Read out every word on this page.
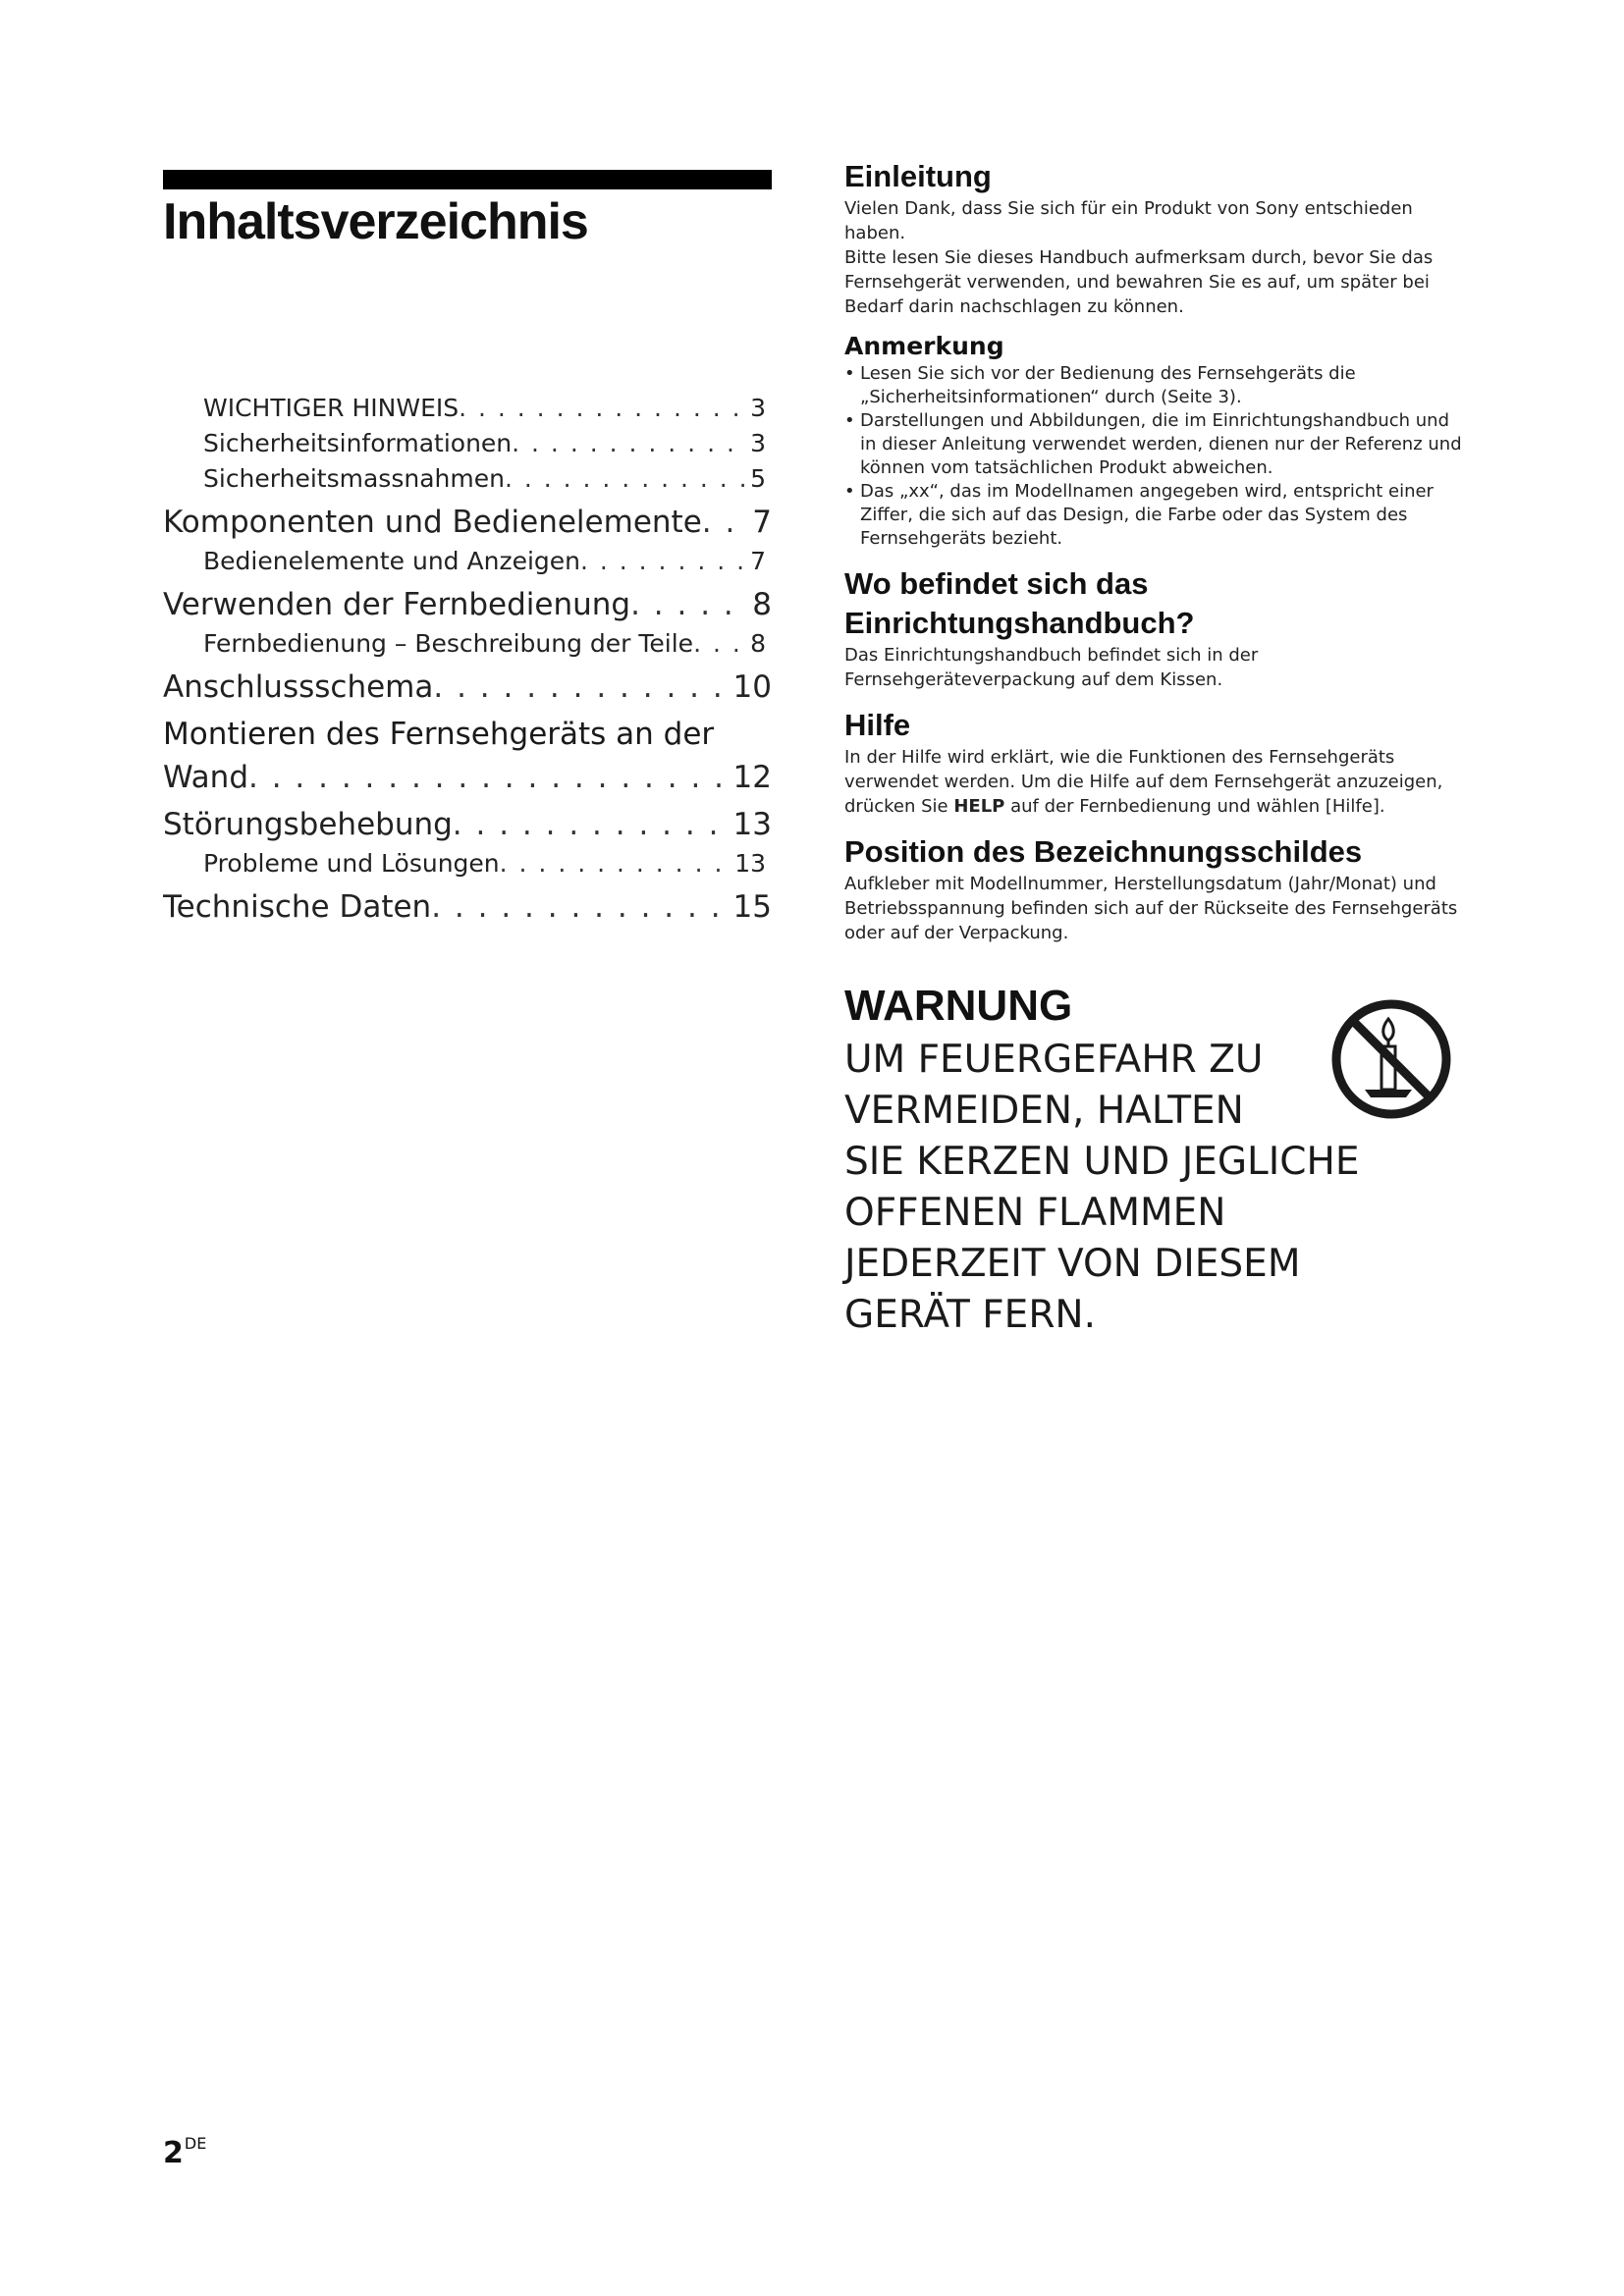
Inhaltsverzeichnis
WICHTIGER HINWEIS . . .	3
Sicherheitsinformationen . . .	3
Sicherheitsmassnahmen . . .	5
Komponenten und Bedienelemente . . . 7
Bedienelemente und Anzeigen . . .	7
Verwenden der Fernbedienung . . .	8
Fernbedienung – Beschreibung der Teile . . . 8
Anschlussschema . . .	10
Montieren des Fernsehgeräts an der
Wand . . .	12
Störungsbehebung . . .	13
Probleme und Lösungen . . .	13
Technische Daten . . .	15
Einleitung

Vielen Dank, dass Sie sich für ein Produkt von Sony entschieden haben.

Bitte lesen Sie dieses Handbuch aufmerksam durch, bevor Sie das Fernsehgerät verwenden, und bewahren Sie es auf, um später bei Bedarf darin nachschlagen zu können.

Anmerkung
• Lesen Sie sich vor der Bedienung des Fernsehgeräts die „Sicherheitsinformationen“ durch (Seite 3).
• Darstellungen und Abbildungen, die im Einrichtungshandbuch und in dieser Anleitung verwendet werden, dienen nur der Referenz und können vom tatsächlichen Produkt abweichen.
• Das „xx“, das im Modellnamen angegeben wird, entspricht einer Ziffer, die sich auf das Design, die Farbe oder das System des Fernsehgeräts bezieht.
Wo befindet sich das Einrichtungshandbuch?

Das Einrichtungshandbuch befindet sich in der Fernsehgeräteverpackung auf dem Kissen.

Hilfe

In der Hilfe wird erklärt, wie die Funktionen des Fernsehgeräts verwendet werden. Um die Hilfe auf dem Fernsehgerät anzuzeigen, drücken Sie HELP auf der Fernbedienung und wählen [Hilfe].

Position des Bezeichnungsschildes

Aufkleber mit Modellnummer, Herstellungsdatum (Jahr/Monat) und Betriebsspannung befinden sich auf der Rückseite des Fernsehgeräts oder auf der Verpackung.

WARNUNG

UM FEUERGEFAHR ZU
VERMEIDEN, HALTEN
SIE KERZEN UND JEGLICHE
OFFENEN FLAMMEN
JEDERZEIT VON DIESEM
GERÄT FERN.

2DE
